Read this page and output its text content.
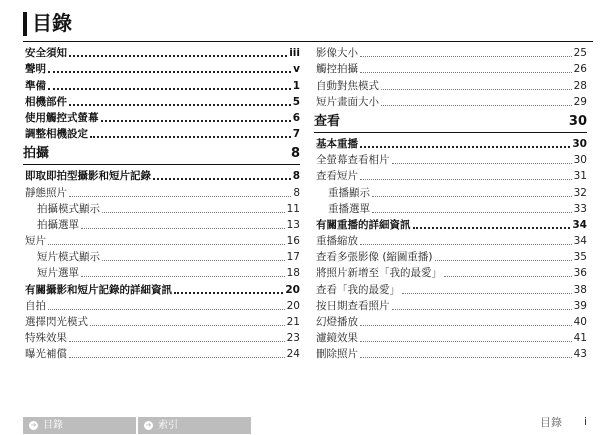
目錄
安全須知	iii
聲明	v
準備	1
相機部件	5
使用觸控式螢幕	6
調整相機設定	7
拍攝	8
即取即拍型攝影和短片記錄	8
靜態照片	8
拍攝模式顯示	11
拍攝選單	13
短片	16
短片模式顯示	17
短片選單	18
有關攝影和短片記錄的詳細資訊	20
自拍	20
選擇閃光模式	21
特殊效果	23
曝光補償	24
影像大小	25
觸控拍攝	26
自動對焦模式	28
短片畫面大小	29
查看	30
基本重播	30
全螢幕查看相片	30
查看短片	31
重播顯示	32
重播選單	33
有關重播的詳細資訊	34
重播縮放	34
查看多張影像 (縮圖重播)	35
將照片新增至「我的最愛」	36
查看「我的最愛」	38
按日期查看照片	39
幻燈播放	40
濾鏡效果	41
刪除照片	43
➔ 目錄	➔ 索引	目錄 i
